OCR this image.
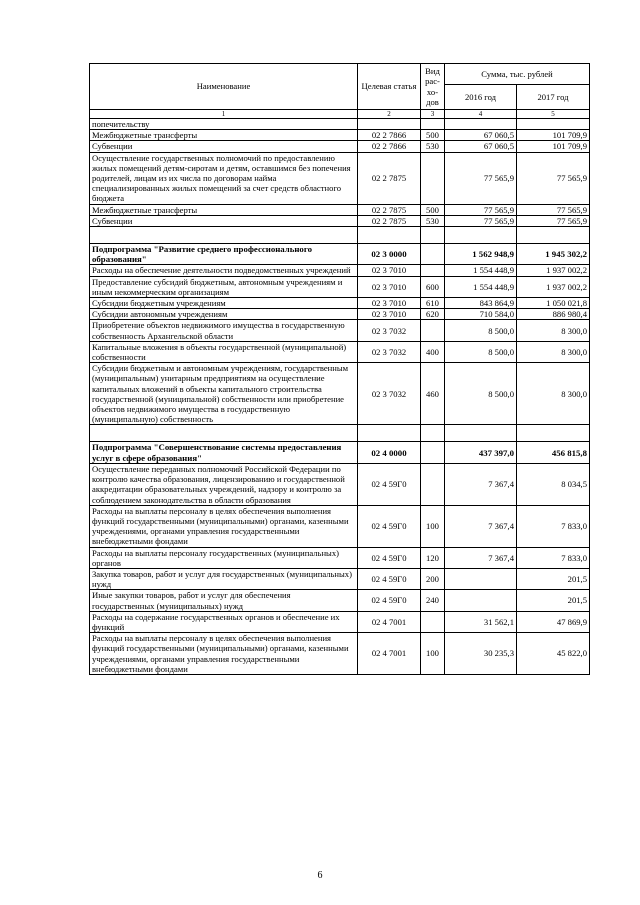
Наименование	Целевая статья	Вид рас- хо- дов	Сумма, тыс. рублей	
			2016 год	2017 год
1	2	3	4	5
попечительству				
Межбюджетные трансферты	02 2 7866	500	67 060,5	101 709,9
Субвенции	02 2 7866	530	67 060,5	101 709,9
Осуществление государственных полномочий по предоставлению жилых помещений детям-сиротам и детям, оставшимся без попечения родителей, лицам из их числа по договорам найма специализированных жилых помещений за счет средств областного бюджета	02 2 7875		77 565,9	77 565,9
Межбюджетные трансферты	02 2 7875	500	77 565,9	77 565,9
Субвенции	02 2 7875	530	77 565,9	77 565,9

Подпрограмма "Развитие среднего профессионального образования"	02 3 0000		1 562 948,9	1 945 302,2
Расходы на обеспечение деятельности подведомственных учреждений	02 3 7010		1 554 448,9	1 937 002,2
Предоставление субсидий бюджетным, автономным учреждениям и иным некоммерческим организациям	02 3 7010	600	1 554 448,9	1 937 002,2
Субсидии бюджетным учреждениям	02 3 7010	610	843 864,9	1 050 021,8
Субсидии автономным учреждениям	02 3 7010	620	710 584,0	886 980,4
Приобретение объектов недвижимого имущества в государственную собственность Архангельской области	02 3 7032		8 500,0	8 300,0
Капитальные вложения в объекты государственной (муниципальной) собственности	02 3 7032	400	8 500,0	8 300,0
Субсидии бюджетным и автономным учреждениям, государственным (муниципальным) унитарным предприятиям на осуществление капитальных вложений в объекты капитального строительства государственной (муниципальной) собственности или приобретение объектов недвижимого имущества в государственную (муниципальную) собственность	02 3 7032	460	8 500,0	8 300,0

Подпрограмма "Совершенствование системы предоставления услуг в сфере образования"	02 4 0000		437 397,0	456 815,8
Осуществление переданных полномочий Российской Федерации по контролю качества образования, лицензированию и государственной аккредитации образовательных учреждений, надзору и контролю за соблюдением законодательства в области образования	02 4 59Г0		7 367,4	8 034,5
Расходы на выплаты персоналу в целях обеспечения выполнения функций государственными (муниципальными) органами, казенными учреждениями, органами управления государственными внебюджетными фондами	02 4 59Г0	100	7 367,4	7 833,0
Расходы на выплаты персоналу государственных (муниципальных) органов	02 4 59Г0	120	7 367,4	7 833,0
Закупка товаров, работ и услуг для государственных (муниципальных) нужд	02 4 59Г0	200		201,5
Иные закупки товаров, работ и услуг для обеспечения государственных (муниципальных) нужд	02 4 59Г0	240		201,5
Расходы на содержание государственных органов и обеспечение их функций	02 4 7001		31 562,1	47 869,9
Расходы на выплаты персоналу в целях обеспечения выполнения функций государственными (муниципальными) органами, казенными учреждениями, органами управления государственными внебюджетными фондами	02 4 7001	100	30 235,3	45 822,0
6
